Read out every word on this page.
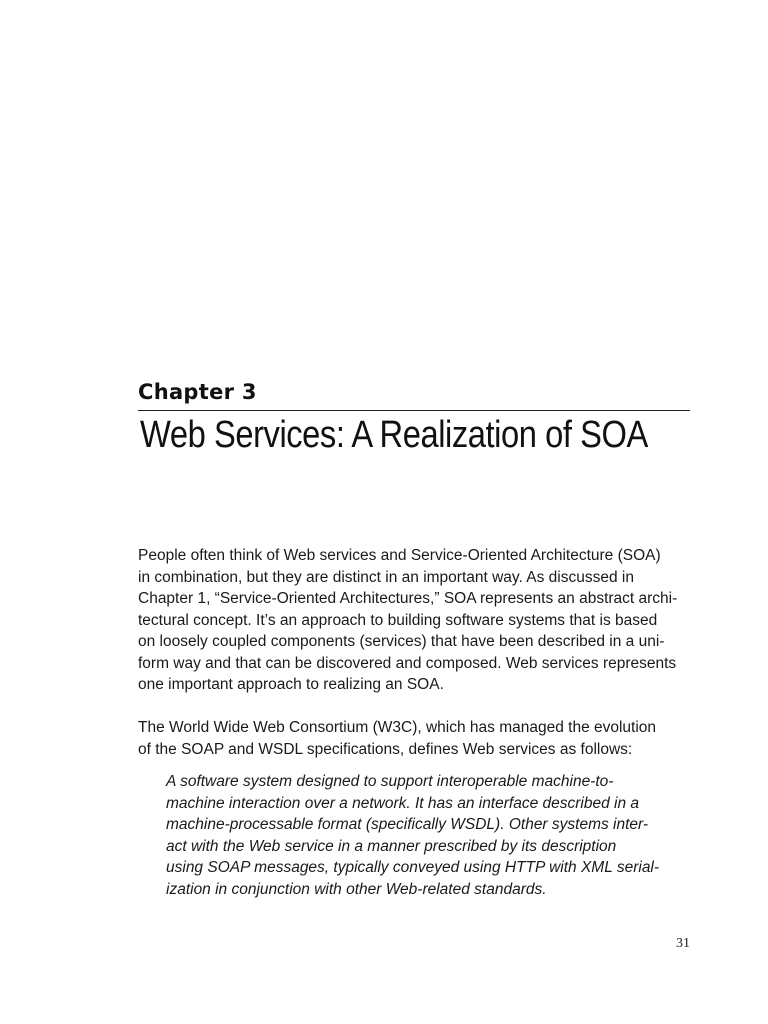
Chapter 3
Web Services: A Realization of SOA
People often think of Web services and Service-Oriented Architecture (SOA)
in combination, but they are distinct in an important way. As discussed in
Chapter 1, “Service-Oriented Architectures,” SOA represents an abstract archi-
tectural concept. It’s an approach to building software systems that is based
on loosely coupled components (services) that have been described in a uni-
form way and that can be discovered and composed. Web services represents
one important approach to realizing an SOA.
The World Wide Web Consortium (W3C), which has managed the evolution
of the SOAP and WSDL specifications, defines Web services as follows:
A software system designed to support interoperable machine-to-
machine interaction over a network. It has an interface described in a
machine-processable format (specifically WSDL). Other systems inter-
act with the Web service in a manner prescribed by its description
using SOAP messages, typically conveyed using HTTP with XML serial-
ization in conjunction with other Web-related standards.
31
